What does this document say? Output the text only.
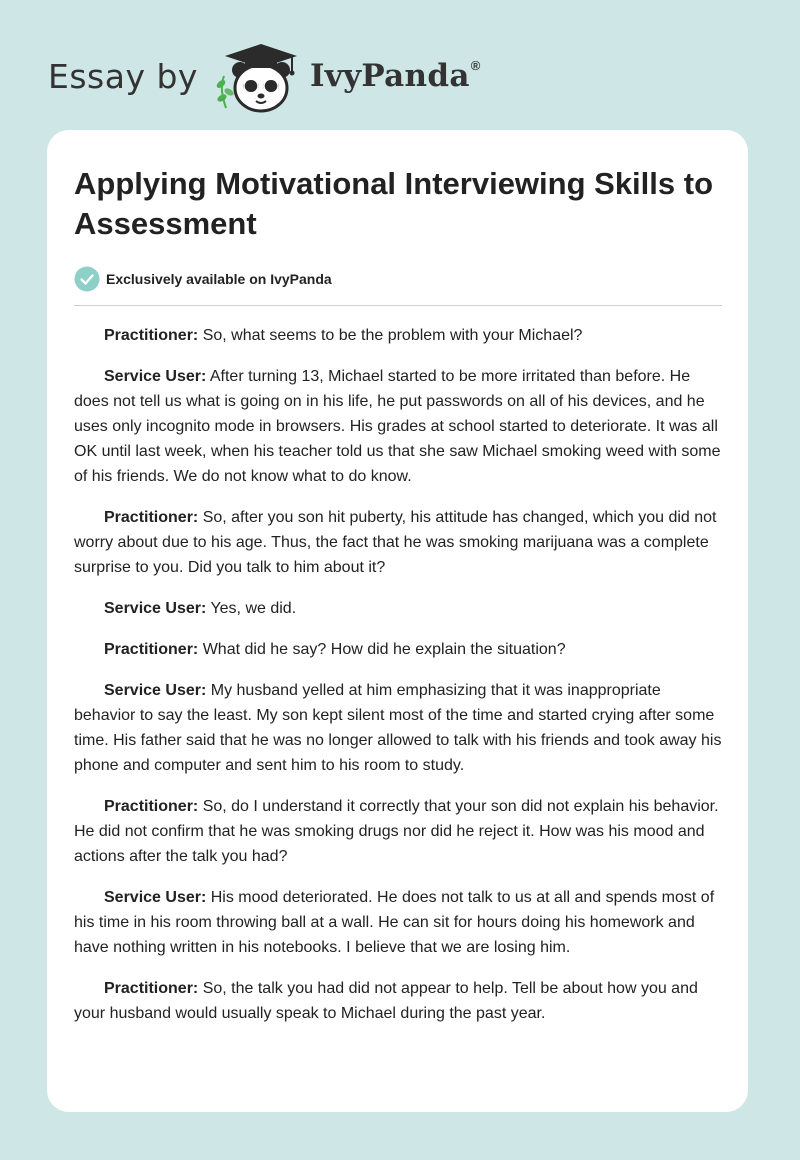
Essay by	IvyPanda®
Applying Motivational Interviewing Skills to Assessment
Exclusively available on IvyPanda

Practitioner: So, what seems to be the problem with your Michael?

Service User: After turning 13, Michael started to be more irritated than before. He does not tell us what is going on in his life, he put passwords on all of his devices, and he uses only incognito mode in browsers. His grades at school started to deteriorate. It was all OK until last week, when his teacher told us that she saw Michael smoking weed with some of his friends. We do not know what to do know.

Practitioner: So, after you son hit puberty, his attitude has changed, which you did not worry about due to his age. Thus, the fact that he was smoking marijuana was a complete surprise to you. Did you talk to him about it?

Service User: Yes, we did.

Practitioner: What did he say? How did he explain the situation?

Service User: My husband yelled at him emphasizing that it was inappropriate behavior to say the least. My son kept silent most of the time and started crying after some time. His father said that he was no longer allowed to talk with his friends and took away his phone and computer and sent him to his room to study.

Practitioner: So, do I understand it correctly that your son did not explain his behavior. He did not confirm that he was smoking drugs nor did he reject it. How was his mood and actions after the talk you had?

Service User: His mood deteriorated. He does not talk to us at all and spends most of his time in his room throwing ball at a wall. He can sit for hours doing his homework and have nothing written in his notebooks. I believe that we are losing him.

Practitioner: So, the talk you had did not appear to help. Tell be about how you and your husband would usually speak to Michael during the past year.
